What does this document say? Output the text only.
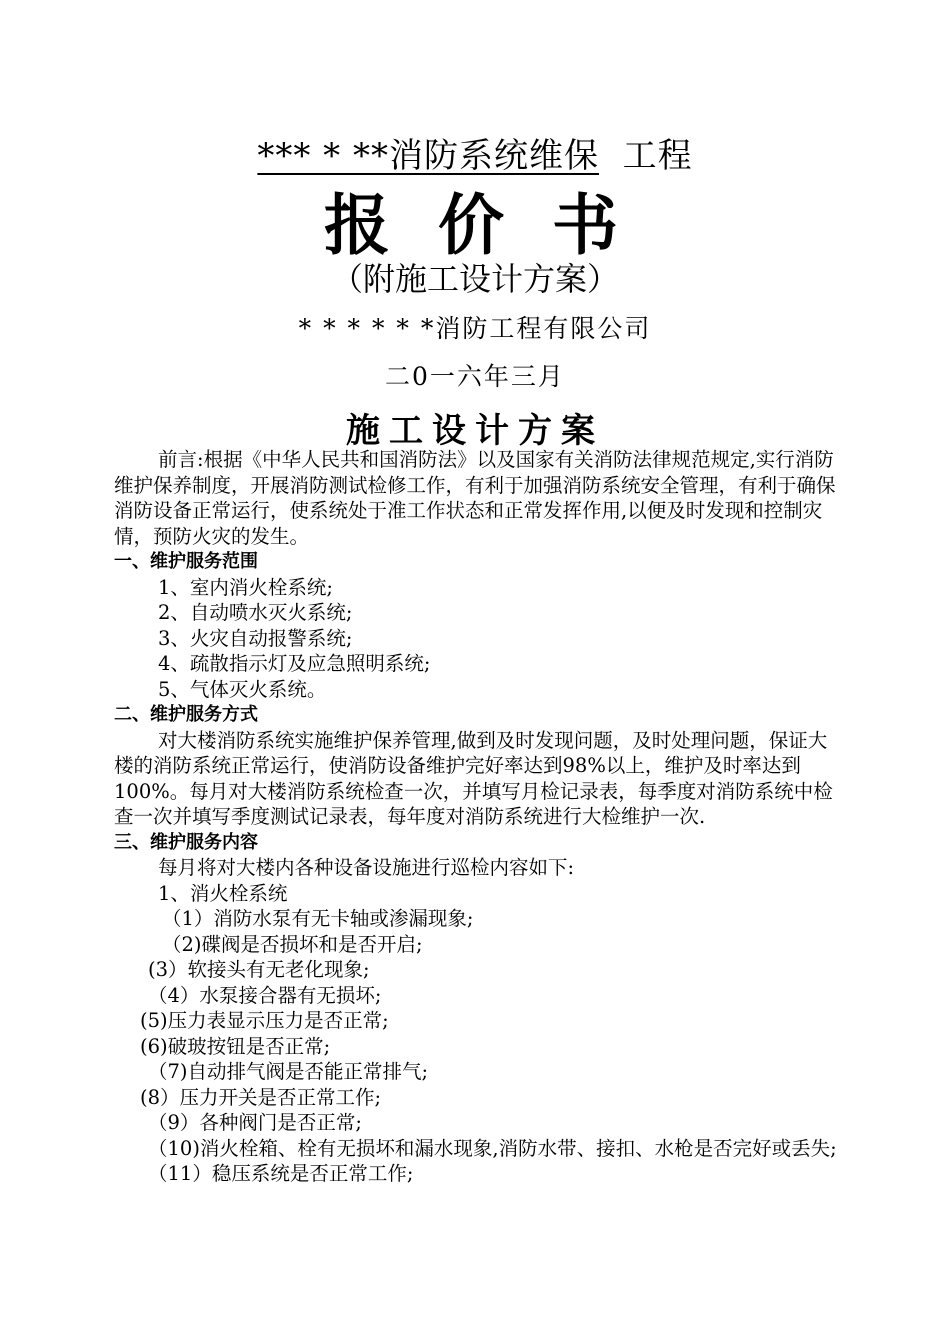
*** * **消防系统维保 工程
报价书
（附施工设计方案）
* * * * * *消防工程有限公司
二0一六年三月
施工设计方案

前言:根据《中华人民共和国消防法》以及国家有关消防法律规范规定,实行消防维护保养制度，开展消防测试检修工作，有利于加强消防系统安全管理，有利于确保消防设备正常运行，使系统处于准工作状态和正常发挥作用,以便及时发现和控制灾情，预防火灾的发生。

一、维护服务范围

1、室内消火栓系统;

2、自动喷水灭火系统;

3、火灾自动报警系统;

4、疏散指示灯及应急照明系统;

5、气体灭火系统。

二、维护服务方式

对大楼消防系统实施维护保养管理,做到及时发现问题，及时处理问题，保证大楼的消防系统正常运行，使消防设备维护完好率达到98%以上，维护及时率达到100%。每月对大楼消防系统检查一次，并填写月检记录表，每季度对消防系统中检查一次并填写季度测试记录表，每年度对消防系统进行大检维护一次.

三、维护服务内容

每月将对大楼内各种设备设施进行巡检内容如下:

1、消火栓系统

（1）消防水泵有无卡轴或渗漏现象;

（2)碟阀是否损坏和是否开启;

(3）软接头有无老化现象;

（4）水泵接合器有无损坏;

(5)压力表显示压力是否正常;

(6)破玻按钮是否正常;

（7)自动排气阀是否能正常排气;

(8）压力开关是否正常工作;

（9）各种阀门是否正常;

（10)消火栓箱、栓有无损坏和漏水现象,消防水带、接扣、水枪是否完好或丢失;

（11）稳压系统是否正常工作;
